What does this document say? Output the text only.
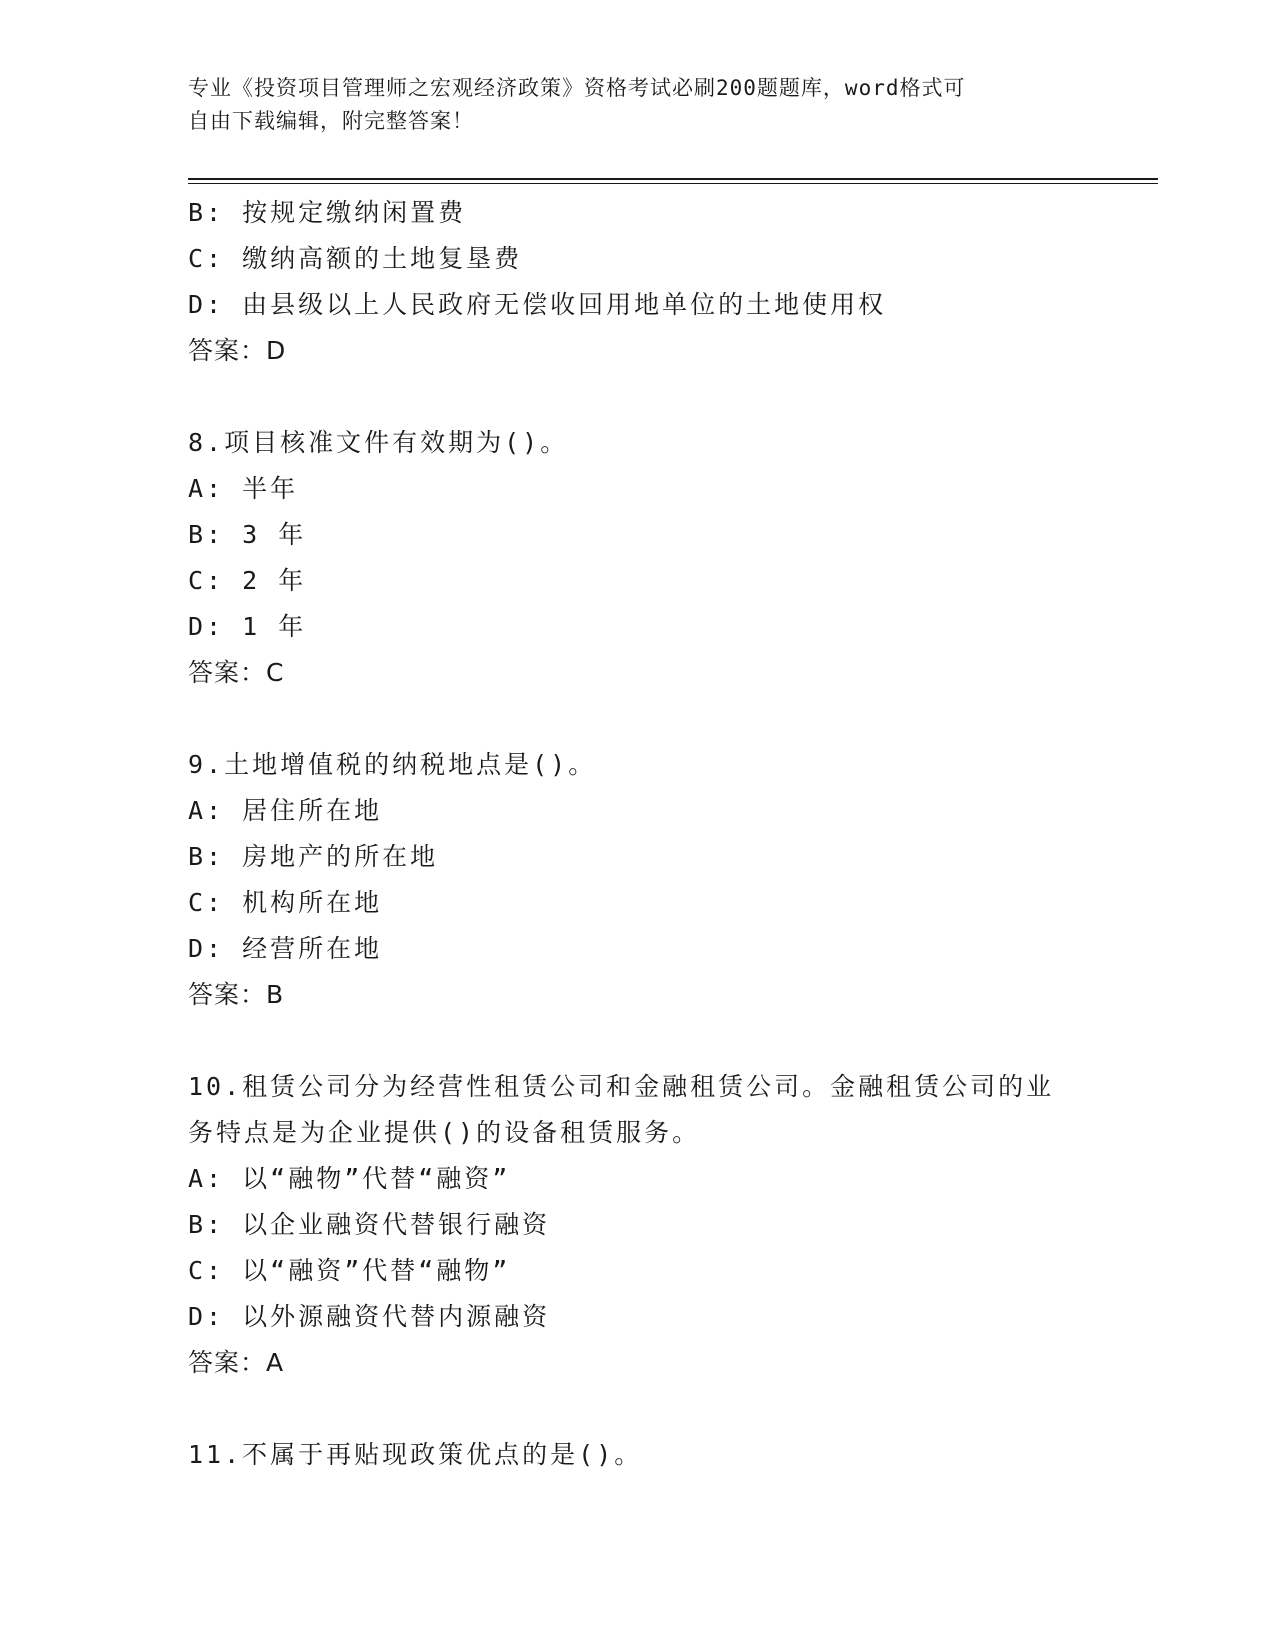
专业《投资项目管理师之宏观经济政策》资格考试必刷200题题库，word格式可
自由下载编辑，附完整答案！
B: 按规定缴纳闲置费
C: 缴纳高额的土地复垦费
D: 由县级以上人民政府无偿收回用地单位的土地使用权
答案：D
8.项目核准文件有效期为()。
A: 半年
B: 3 年
C: 2 年
D: 1 年
答案：C
9.土地增值税的纳税地点是()。
A: 居住所在地
B: 房地产的所在地
C: 机构所在地
D: 经营所在地
答案：B
10.租赁公司分为经营性租赁公司和金融租赁公司。金融租赁公司的业
务特点是为企业提供()的设备租赁服务。
A: 以“融物”代替“融资”
B: 以企业融资代替银行融资
C: 以“融资”代替“融物”
D: 以外源融资代替内源融资
答案：A
11.不属于再贴现政策优点的是()。
